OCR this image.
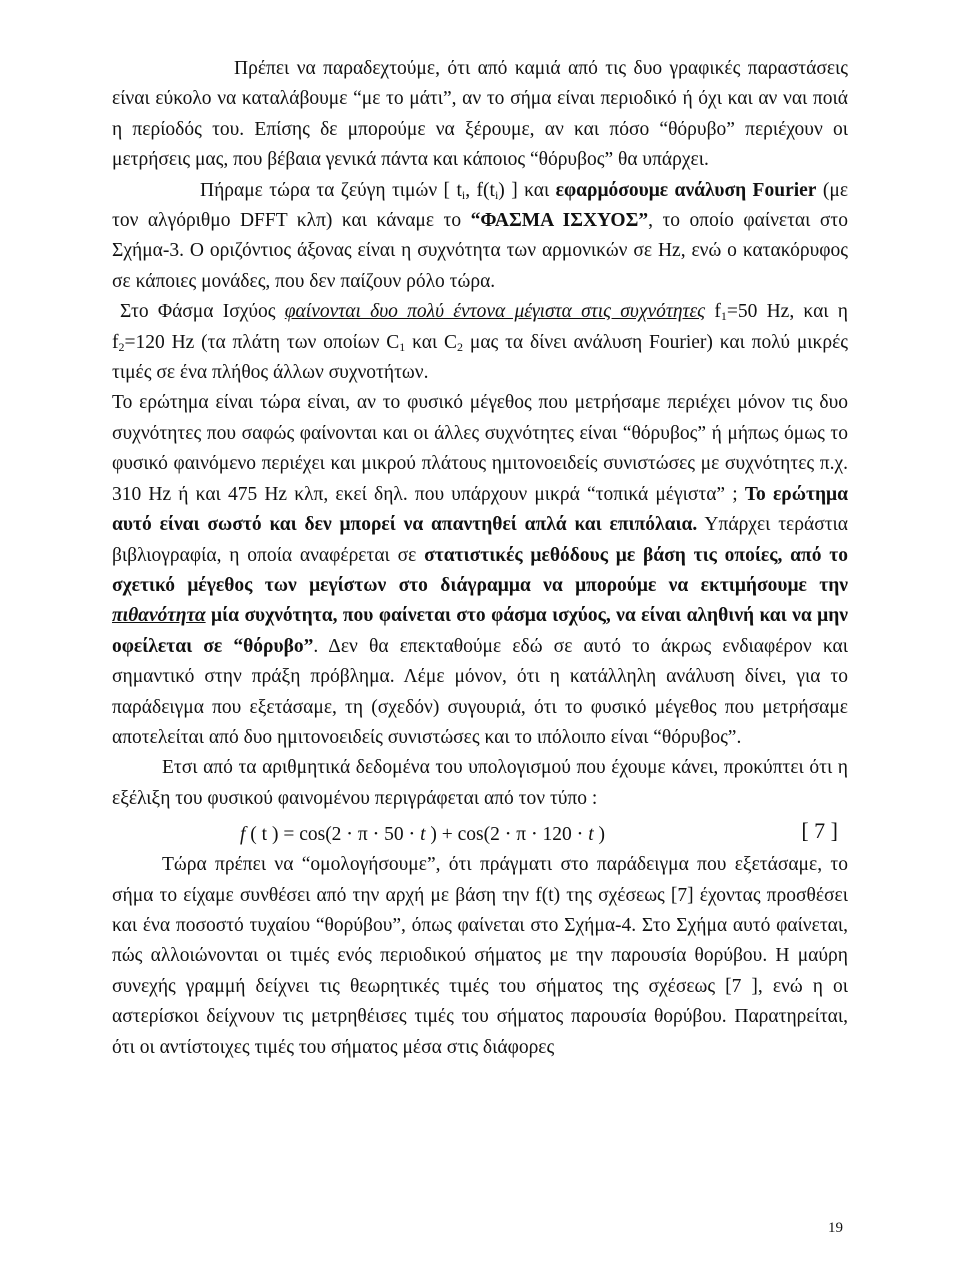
Πρέπει να παραδεχτούμε, ότι από καμιά από τις δυο γραφικές παραστάσεις είναι εύκολο να καταλάβουμε “με το μάτι”, αν το σήμα είναι περιοδικό ή όχι και αν ναι ποιά η περίοδός του. Επίσης δε μπορούμε να ξέρουμε, αν και πόσο “θόρυβο” περιέχουν οι μετρήσεις μας, που βέβαια γενικά πάντα και κάποιος “θόρυβος” θα υπάρχει.

Πήραμε τώρα τα ζεύγη τιμών [ $t_i$, $f(t_i)$ ] και εφαρμόσουμε ανάλυση Fourier (με τον αλγόριθμο DFFT κλπ) και κάναμε το “ΦΑΣΜΑ ΙΣΧΥΟΣ”, το οποίο φαίνεται στο Σχήμα-3. Ο οριζόντιος άξονας είναι η συχνότητα των αρμονικών σε Hz, ενώ ο κατακόρυφος σε κάποιες μονάδες, που δεν παίζουν ρόλο τώρα.

Στο Φάσμα Ισχύος φαίνονται δυο πολύ έντονα μέγιστα στις συχνότητες $f_1=50$ Hz, και η $f_2=120$ Hz (τα πλάτη των οποίων $C_1$ και $C_2$ μας τα δίνει ανάλυση Fourier) και πολύ μικρές τιμές σε ένα πλήθος άλλων συχνοτήτων.

Το ερώτημα είναι τώρα είναι, αν το φυσικό μέγεθος που μετρήσαμε περιέχει μόνον τις δυο συχνότητες που σαφώς φαίνονται και οι άλλες συχνότητες είναι “θόρυβος” ή μήπως όμως το φυσικό φαινόμενο περιέχει και μικρού πλάτους ημιτονοειδείς συνιστώσες με συχνότητες π.χ. 310 Hz ή και 475 Hz κλπ, εκεί δηλ. που υπάρχουν μικρά “τοπικά μέγιστα” ; Το ερώτημα αυτό είναι σωστό και δεν μπορεί να απαντηθεί απλά και επιπόλαια. Υπάρχει τεράστια βιβλιογραφία, η οποία αναφέρεται σε στατιστικές μεθόδους με βάση τις οποίες, από το σχετικό μέγεθος των μεγίστων στο διάγραμμα να μπορούμε να εκτιμήσουμε την πιθανότητα μία συχνότητα, που φαίνεται στο φάσμα ισχύος, να είναι αληθινή και να μην οφείλεται σε “θόρυβο”. Δεν θα επεκταθούμε εδώ σε αυτό το άκρως ενδιαφέρον και σημαντικό στην πράξη πρόβλημα. Λέμε μόνον, ότι η κατάλληλη ανάλυση δίνει, για το παράδειγμα που εξετάσαμε, τη (σχεδόν) συγουριά, ότι το φυσικό μέγεθος που μετρήσαμε αποτελείται από δυο ημιτονοειδείς συνιστώσες και το ιπόλοιπο είναι “θόρυβος”.

Ετσι από τα αριθμητικά δεδομένα του υπολογισμού που έχουμε κάνει, προκύπτει ότι η εξέλιξη του φυσικού φαινομένου περιγράφεται από τον τύπο :

f ( t ) = cos(2 ⋅ π ⋅ 50 ⋅ t ) + cos(2 ⋅ π ⋅ 120 ⋅ t )	[ 7 ]

Τώρα πρέπει να “ομολογήσουμε”, ότι πράγματι στο παράδειγμα που εξετάσαμε, το σήμα το είχαμε συνθέσει από την αρχή με βάση την f(t) της σχέσεως [7] έχοντας προσθέσει και ένα ποσοστό τυχαίου “θορύβου”, όπως φαίνεται στο Σχήμα-4. Στο Σχήμα αυτό φαίνεται, πώς αλλοιώνονται οι τιμές ενός περιοδικού σήματος με την παρουσία θορύβου. Η μαύρη συνεχής γραμμή δείχνει τις θεωρητικές τιμές του σήματος της σχέσεως [7 ], ενώ η οι αστερίσκοι δείχνουν τις μετρηθέισες τιμές του σήματος παρουσία θορύβου. Παρατηρείται, ότι οι αντίστοιχες τιμές του σήματος μέσα στις διάφορες

19
